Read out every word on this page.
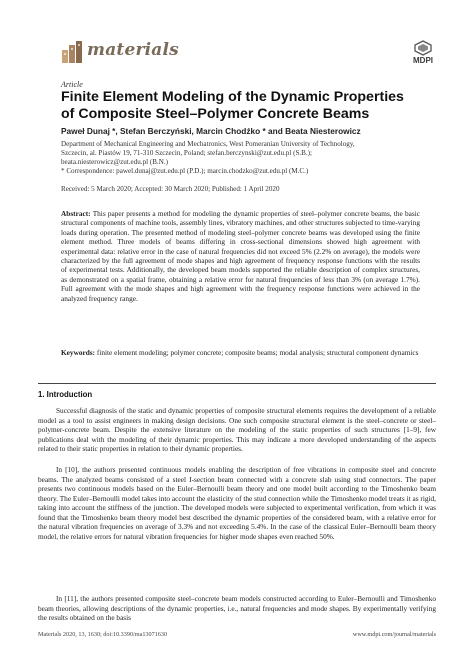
materials
MDPI
Article
Finite Element Modeling of the Dynamic Properties of Composite Steel–Polymer Concrete Beams
Paweł Dunaj *, Stefan Berczyński, Marcin Chodźko * and Beata Niesterowicz
Department of Mechanical Engineering and Mechatronics, West Pomeranian University of Technology,
Szczecin, al. Piastów 19, 71-310 Szczecin, Poland; stefan.berczynski@zut.edu.pl (S.B.);
beata.niesterowicz@zut.edu.pl (B.N.)
* Correspondence: pawel.dunaj@zut.edu.pl (P.D.); marcin.chodzko@zut.edu.pl (M.C.)
Received: 5 March 2020; Accepted: 30 March 2020; Published: 1 April 2020
Abstract: This paper presents a method for modeling the dynamic properties of steel–polymer concrete beams, the basic structural components of machine tools, assembly lines, vibratory machines, and other structures subjected to time-varying loads during operation. The presented method of modeling steel–polymer concrete beams was developed using the finite element method. Three models of beams differing in cross-sectional dimensions showed high agreement with experimental data: relative error in the case of natural frequencies did not exceed 5% (2.2% on average), the models were characterized by the full agreement of mode shapes and high agreement of frequency response functions with the results of experimental tests. Additionally, the developed beam models supported the reliable description of complex structures, as demonstrated on a spatial frame, obtaining a relative error for natural frequencies of less than 3% (on average 1.7%). Full agreement with the mode shapes and high agreement with the frequency response functions were achieved in the analyzed frequency range.
Keywords: finite element modeling; polymer concrete; composite beams; modal analysis; structural component dynamics
1. Introduction
Successful diagnosis of the static and dynamic properties of composite structural elements requires the development of a reliable model as a tool to assist engineers in making design decisions. One such composite structural element is the steel–concrete or steel–polymer-concrete beam. Despite the extensive literature on the modeling of the static properties of such structures [1–9], few publications deal with the modeling of their dynamic properties. This may indicate a more developed understanding of the aspects related to their static properties in relation to their dynamic properties.
In [10], the authors presented continuous models enabling the description of free vibrations in composite steel and concrete beams. The analyzed beams consisted of a steel I-section beam connected with a concrete slab using stud connectors. The paper presents two continuous models based on the Euler–Bernoulli beam theory and one model built according to the Timoshenko beam theory. The Euler–Bernoulli model takes into account the elasticity of the stud connection while the Timoshenko model treats it as rigid, taking into account the stiffness of the junction. The developed models were subjected to experimental verification, from which it was found that the Timoshenko beam theory model best described the dynamic properties of the considered beam, with a relative error for the natural vibration frequencies on average of 3.3% and not exceeding 5.4%. In the case of the classical Euler–Bernoulli beam theory model, the relative errors for natural vibration frequencies for higher mode shapes even reached 50%.
In [11], the authors presented composite steel–concrete beam models constructed according to Euler–Bernoulli and Timoshenko beam theories, allowing descriptions of the dynamic properties, i.e., natural frequencies and mode shapes. By experimentally verifying the results obtained on the basis
Materials 2020, 13, 1630; doi:10.3390/ma13071630	www.mdpi.com/journal/materials
